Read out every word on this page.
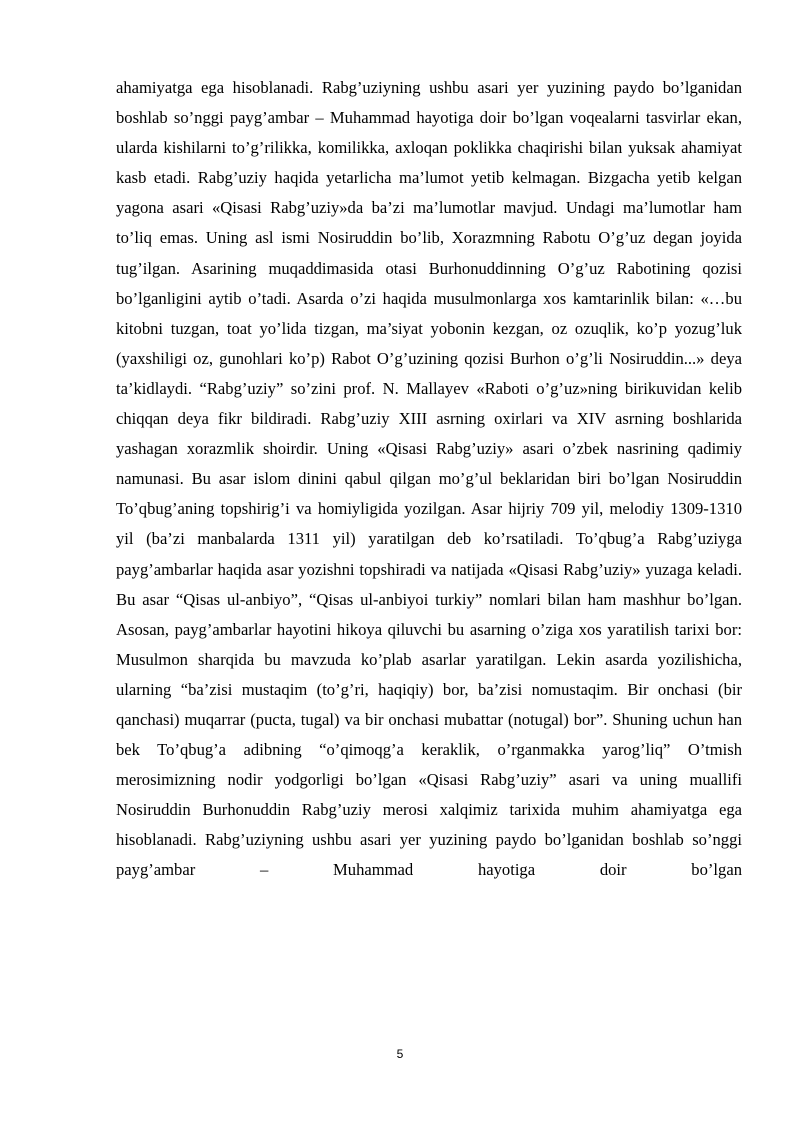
ahamiyatga ega hisoblanadi. Rabg’uziyning ushbu asari yer yuzining paydo bo’lganidan boshlab so’nggi payg’ambar – Muhammad hayotiga doir bo’lgan voqealarni tasvirlar ekan, ularda kishilarni to’g’rilikka, komilikka, axloqan poklikka chaqirishi bilan yuksak ahamiyat kasb etadi. Rabg’uziy haqida yetarlicha ma’lumot yetib kelmagan. Bizgacha yetib kelgan yagona asari «Qisasi Rabg’uziy»da ba’zi ma’lumotlar mavjud. Undagi ma’lumotlar ham to’liq emas. Uning asl ismi Nosiruddin bo’lib, Xorazmning Rabotu O’g’uz degan joyida tug’ilgan. Asarining muqaddimasida otasi Burhonuddinning O’g’uz Rabotining qozisi bo’lganligini aytib o’tadi. Asarda o’zi haqida musulmonlarga xos kamtarinlik bilan: «…bu kitobni tuzgan, toat yo’lida tizgan, ma’siyat yobonin kezgan, oz ozuqlik, ko’p yozug’luk (yaxshiligi oz, gunohlari ko’p) Rabot O’g’uzining qozisi Burhon o’g’li Nosiruddin...» deya ta’kidlaydi. “Rabg’uziy” so’zini prof. N. Mallayev «Raboti o’g’uz»ning birikuvidan kelib chiqqan deya fikr bildiradi. Rabg’uziy XIII asrning oxirlari va XIV asrning boshlarida yashagan xorazmlik shoirdir. Uning «Qisasi Rabg’uziy» asari o’zbek nasrining qadimiy namunasi. Bu asar islom dinini qabul qilgan mo’g’ul beklaridan biri bo’lgan Nosiruddin To’qbug’aning topshirig’i va homiyligida yozilgan. Asar hijriy 709 yil, melodiy 1309-1310 yil (ba’zi manbalarda 1311 yil) yaratilgan deb ko’rsatiladi. To’qbug’a Rabg’uziyga payg’ambarlar haqida asar yozishni topshiradi va natijada «Qisasi Rabg’uziy» yuzaga keladi. Bu asar “Qisas ul-anbiyo”, “Qisas ul-anbiyoi turkiy” nomlari bilan ham mashhur bo’lgan. Asosan, payg’ambarlar hayotini hikoya qiluvchi bu asarning o’ziga xos yaratilish tarixi bor: Musulmon sharqida bu mavzuda ko’plab asarlar yaratilgan. Lekin asarda yozilishicha, ularning “ba’zisi mustaqim (to’g’ri, haqiqiy) bor, ba’zisi nomustaqim. Bir onchasi (bir qanchasi) muqarrar (pucta, tugal) va bir onchasi mubattar (notugal) bor”. Shuning uchun han bek To’qbug’a adibning “o’qimoqg’a keraklik, o’rganmakka yarog’liq” O’tmish merosimizning nodir yodgorligi bo’lgan «Qisasi Rabg’uziy” asari va uning muallifi Nosiruddin Burhonuddin Rabg’uziy merosi xalqimiz tarixida muhim ahamiyatga ega hisoblanadi. Rabg’uziyning ushbu asari yer yuzining paydo bo’lganidan boshlab so’nggi payg’ambar – Muhammad hayotiga doir bo’lgan

5
